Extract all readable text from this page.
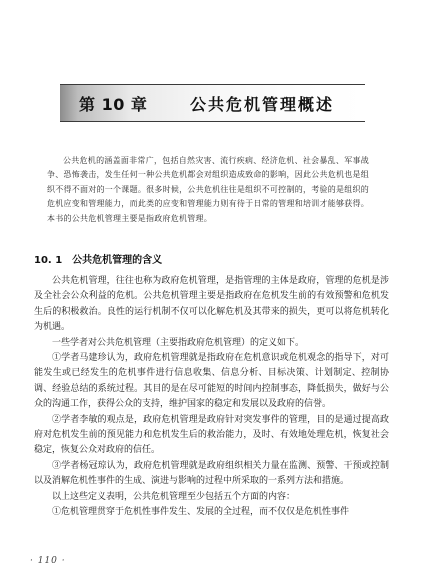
第 10 章	公共危机管理概述
公共危机的涵盖面非常广，包括自然灾害、流行疾病、经济危机、社会暴乱、军事战争、恐怖袭击，发生任何一种公共危机都会对组织造成致命的影响，因此公共危机也是组织不得不面对的一个课题。很多时候，公共危机往往是组织不可控制的，考验的是组织的危机应变和管理能力，而此类的应变和管理能力则有待于日常的管理和培训才能够获得。本书的公共危机管理主要是指政府危机管理。
10. 1 公共危机管理的含义

公共危机管理，往往也称为政府危机管理，是指管理的主体是政府，管理的危机是涉及全社会公众利益的危机。公共危机管理主要是指政府在危机发生前的有效预警和危机发生后的积极救治。良性的运行机制不仅可以化解危机及其带来的损失，更可以将危机转化为机遇。

一些学者对公共危机管理（主要指政府危机管理）的定义如下。

①学者马建珍认为，政府危机管理就是指政府在危机意识或危机观念的指导下，对可能发生或已经发生的危机事件进行信息收集、信息分析、目标决策、计划制定、控制协调、经验总结的系统过程。其目的是在尽可能短的时间内控制事态，降低损失，做好与公众的沟通工作，获得公众的支持，维护国家的稳定和发展以及政府的信誉。

②学者李敏的观点是，政府危机管理是政府针对突发事件的管理，目的是通过提高政府对危机发生前的预见能力和危机发生后的救治能力，及时、有效地处理危机，恢复社会稳定，恢复公众对政府的信任。

③学者杨冠琼认为，政府危机管理就是政府组织相关力量在监测、预警、干预或控制以及消解危机性事件的生成、演进与影响的过程中所采取的一系列方法和措施。

以上这些定义表明，公共危机管理至少包括五个方面的内容：

①危机管理贯穿于危机性事件发生、发展的全过程，而不仅仅是危机性事件

· 110 ·
